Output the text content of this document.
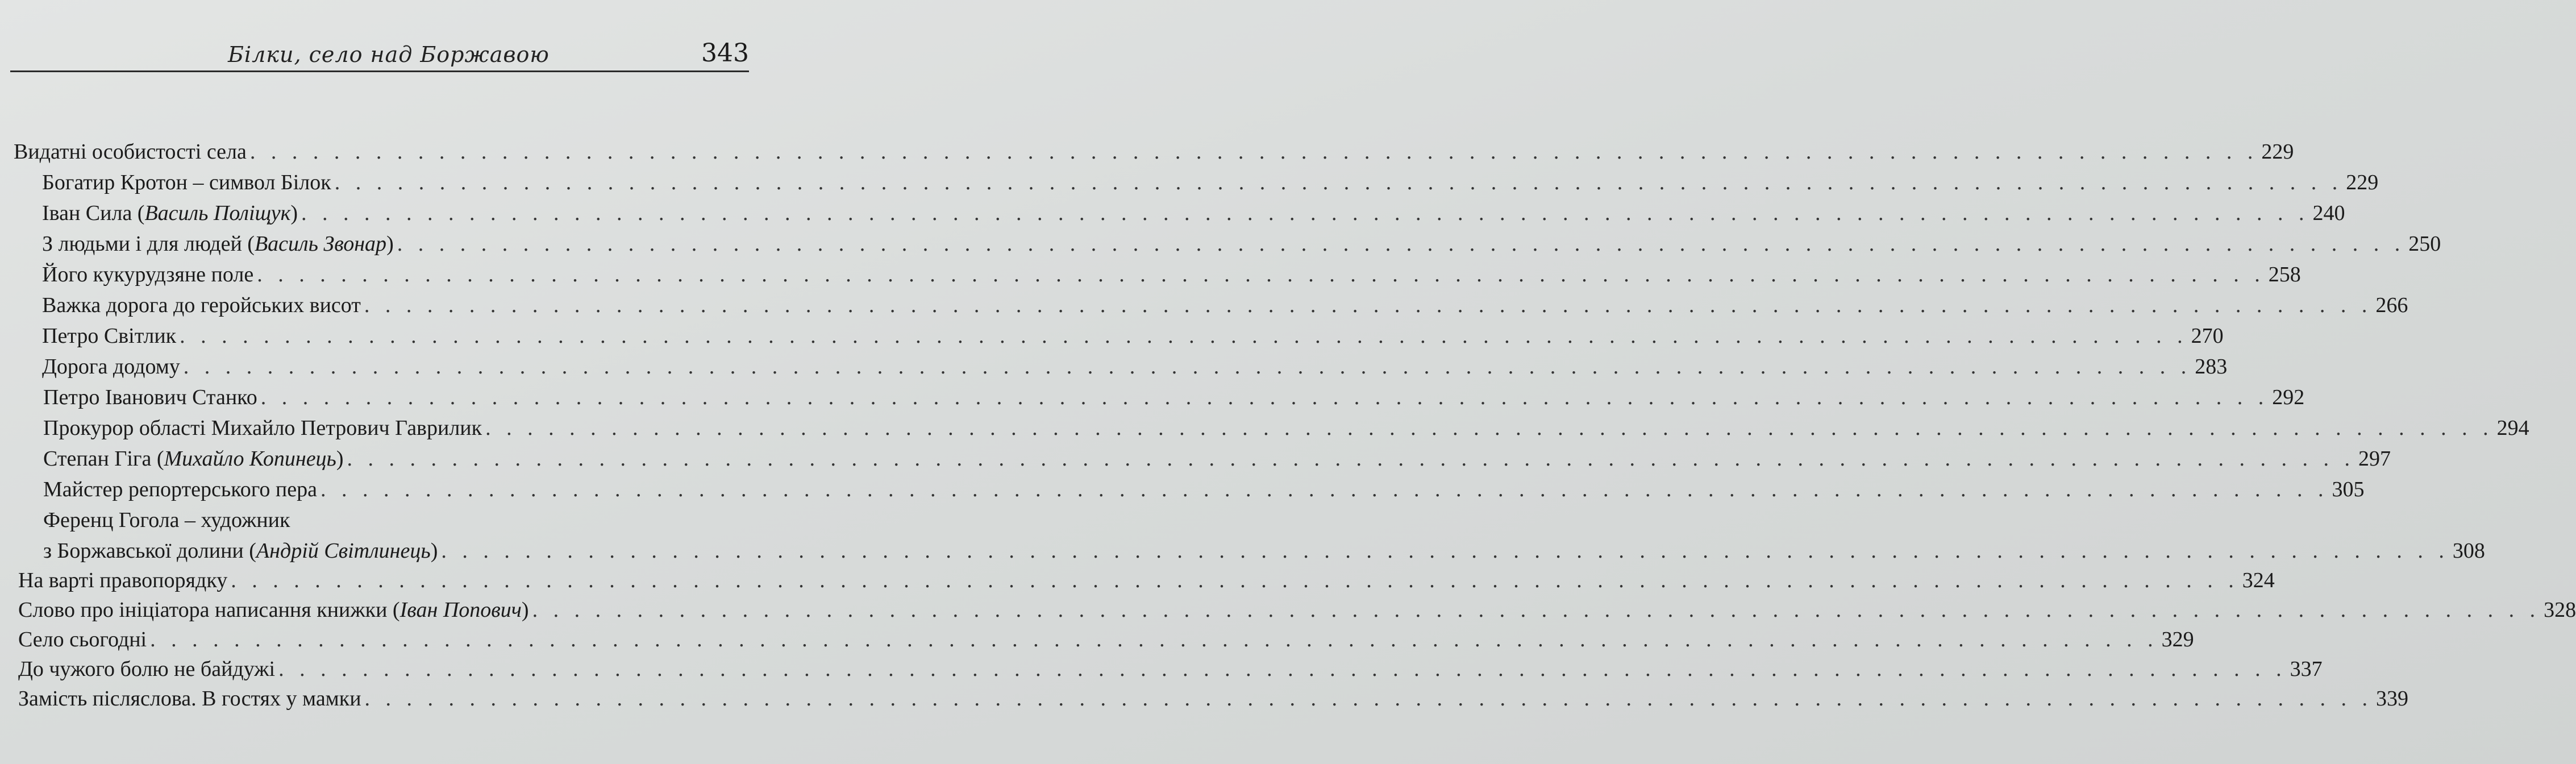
Білки, село над Боржавою	343
Видатні особистості села . . . . . . . . . . . . . . . . . . . . . . . . . . . . . . . . . . . . . . . . . . . . . . . . . . . . . . . . . . . . . . . . . . . . . . . . . . . . . . . . . . . . . . . . . . . . . . . . 229
Богатир Кротон – символ Білок . . . . . . . . . . . . . . . . . . . . . . . . . . . . . . . . . . . . . . . . . . . . . . . . . . . . . . . . . . . . . . . . . . . . . . . . . . . . . . . . . . . . . . . . . . . . . . . . 229
Іван Сила (Василь Поліщук) . . . . . . . . . . . . . . . . . . . . . . . . . . . . . . . . . . . . . . . . . . . . . . . . . . . . . . . . . . . . . . . . . . . . . . . . . . . . . . . . . . . . . . . . . . . . . . . . 240
З людьми і для людей (Василь Звонар) . . . . . . . . . . . . . . . . . . . . . . . . . . . . . . . . . . . . . . . . . . . . . . . . . . . . . . . . . . . . . . . . . . . . . . . . . . . . . . . . . . . . . . . . . . . . . . . . 250
Його кукурудзяне поле . . . . . . . . . . . . . . . . . . . . . . . . . . . . . . . . . . . . . . . . . . . . . . . . . . . . . . . . . . . . . . . . . . . . . . . . . . . . . . . . . . . . . . . . . . . . . . . . 258
Важка дорога до геройських висот . . . . . . . . . . . . . . . . . . . . . . . . . . . . . . . . . . . . . . . . . . . . . . . . . . . . . . . . . . . . . . . . . . . . . . . . . . . . . . . . . . . . . . . . . . . . . . . . 266
Петро Світлик . . . . . . . . . . . . . . . . . . . . . . . . . . . . . . . . . . . . . . . . . . . . . . . . . . . . . . . . . . . . . . . . . . . . . . . . . . . . . . . . . . . . . . . . . . . . . . . . 270
Дорога додому . . . . . . . . . . . . . . . . . . . . . . . . . . . . . . . . . . . . . . . . . . . . . . . . . . . . . . . . . . . . . . . . . . . . . . . . . . . . . . . . . . . . . . . . . . . . . . . . 283
Петро Іванович Станко . . . . . . . . . . . . . . . . . . . . . . . . . . . . . . . . . . . . . . . . . . . . . . . . . . . . . . . . . . . . . . . . . . . . . . . . . . . . . . . . . . . . . . . . . . . . . . . . 292
Прокурор області Михайло Петрович Гаврилик . . . . . . . . . . . . . . . . . . . . . . . . . . . . . . . . . . . . . . . . . . . . . . . . . . . . . . . . . . . . . . . . . . . . . . . . . . . . . . . . . . . . . . . . . . . . . . . . 294
Степан Гіга (Михайло Копинець) . . . . . . . . . . . . . . . . . . . . . . . . . . . . . . . . . . . . . . . . . . . . . . . . . . . . . . . . . . . . . . . . . . . . . . . . . . . . . . . . . . . . . . . . . . . . . . . . 297
Майстер репортерського пера . . . . . . . . . . . . . . . . . . . . . . . . . . . . . . . . . . . . . . . . . . . . . . . . . . . . . . . . . . . . . . . . . . . . . . . . . . . . . . . . . . . . . . . . . . . . . . . . 305
Ференц Гогола – художник
з Боржавської долини (Андрій Світлинець) . . . . . . . . . . . . . . . . . . . . . . . . . . . . . . . . . . . . . . . . . . . . . . . . . . . . . . . . . . . . . . . . . . . . . . . . . . . . . . . . . . . . . . . . . . . . . . . . 308
На варті правопорядку . . . . . . . . . . . . . . . . . . . . . . . . . . . . . . . . . . . . . . . . . . . . . . . . . . . . . . . . . . . . . . . . . . . . . . . . . . . . . . . . . . . . . . . . . . . . . . . . 324
Слово про ініціатора написання книжки (Іван Попович) . . . . . . . . . . . . . . . . . . . . . . . . . . . . . . . . . . . . . . . . . . . . . . . . . . . . . . . . . . . . . . . . . . . . . . . . . . . . . . . . . . . . . . . . . . . . . . . . 328
Село сьогодні . . . . . . . . . . . . . . . . . . . . . . . . . . . . . . . . . . . . . . . . . . . . . . . . . . . . . . . . . . . . . . . . . . . . . . . . . . . . . . . . . . . . . . . . . . . . . . . . 329
До чужого болю не байдужі . . . . . . . . . . . . . . . . . . . . . . . . . . . . . . . . . . . . . . . . . . . . . . . . . . . . . . . . . . . . . . . . . . . . . . . . . . . . . . . . . . . . . . . . . . . . . . . . 337
Замість післяслова. В гостях у мамки . . . . . . . . . . . . . . . . . . . . . . . . . . . . . . . . . . . . . . . . . . . . . . . . . . . . . . . . . . . . . . . . . . . . . . . . . . . . . . . . . . . . . . . . . . . . . . . . 339
